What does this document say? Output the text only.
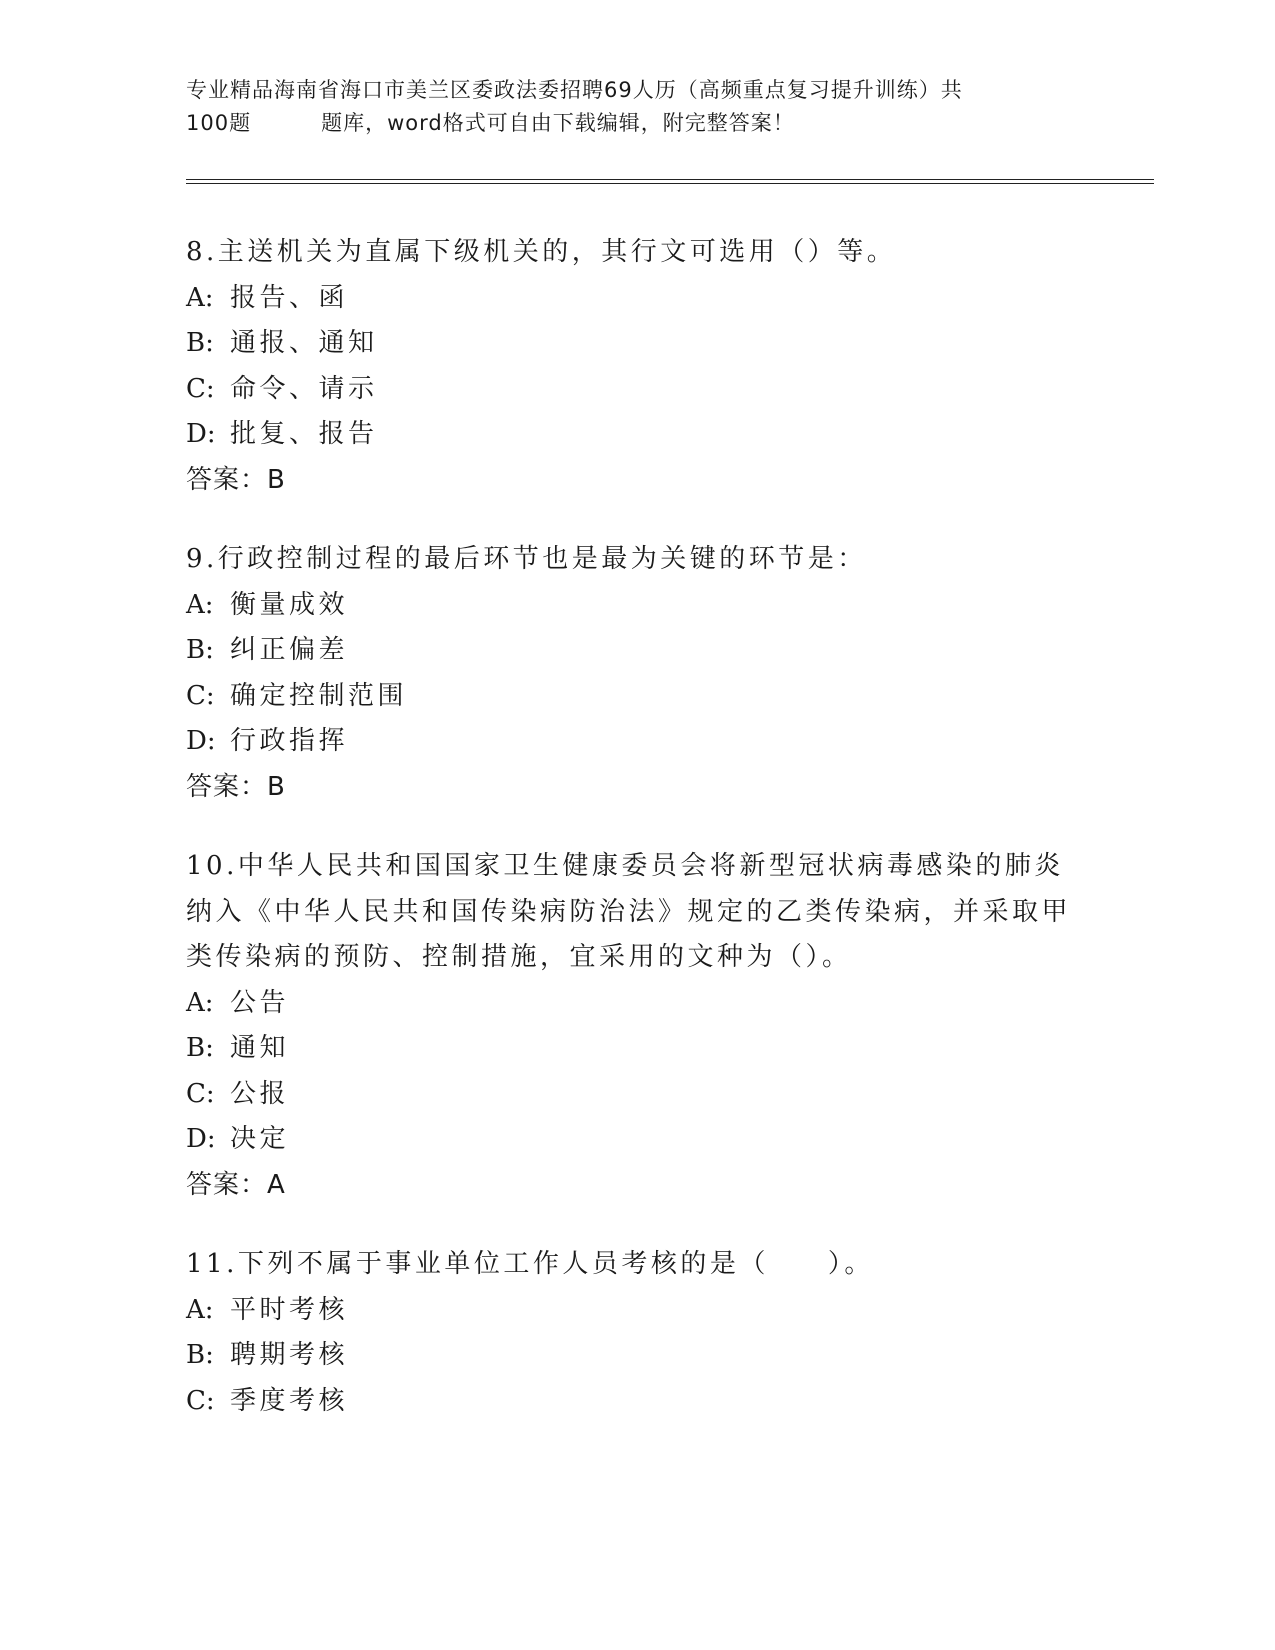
专业精品海南省海口市美兰区委政法委招聘69人历（高频重点复习提升训练）共
100题	题库，word格式可自由下载编辑，附完整答案！
8.主送机关为直属下级机关的，其行文可选用（）等。
A: 报告、函
B: 通报、通知
C: 命令、请示
D: 批复、报告
答案：B
9.行政控制过程的最后环节也是最为关键的环节是：
A: 衡量成效
B: 纠正偏差
C: 确定控制范围
D: 行政指挥
答案：B
10.中华人民共和国国家卫生健康委员会将新型冠状病毒感染的肺炎纳入《中华人民共和国传染病防治法》规定的乙类传染病，并采取甲类传染病的预防、控制措施，宜采用的文种为（）。
A: 公告
B: 通知
C: 公报
D: 决定
答案：A
11.下列不属于事业单位工作人员考核的是（　　）。
A: 平时考核
B: 聘期考核
C: 季度考核
